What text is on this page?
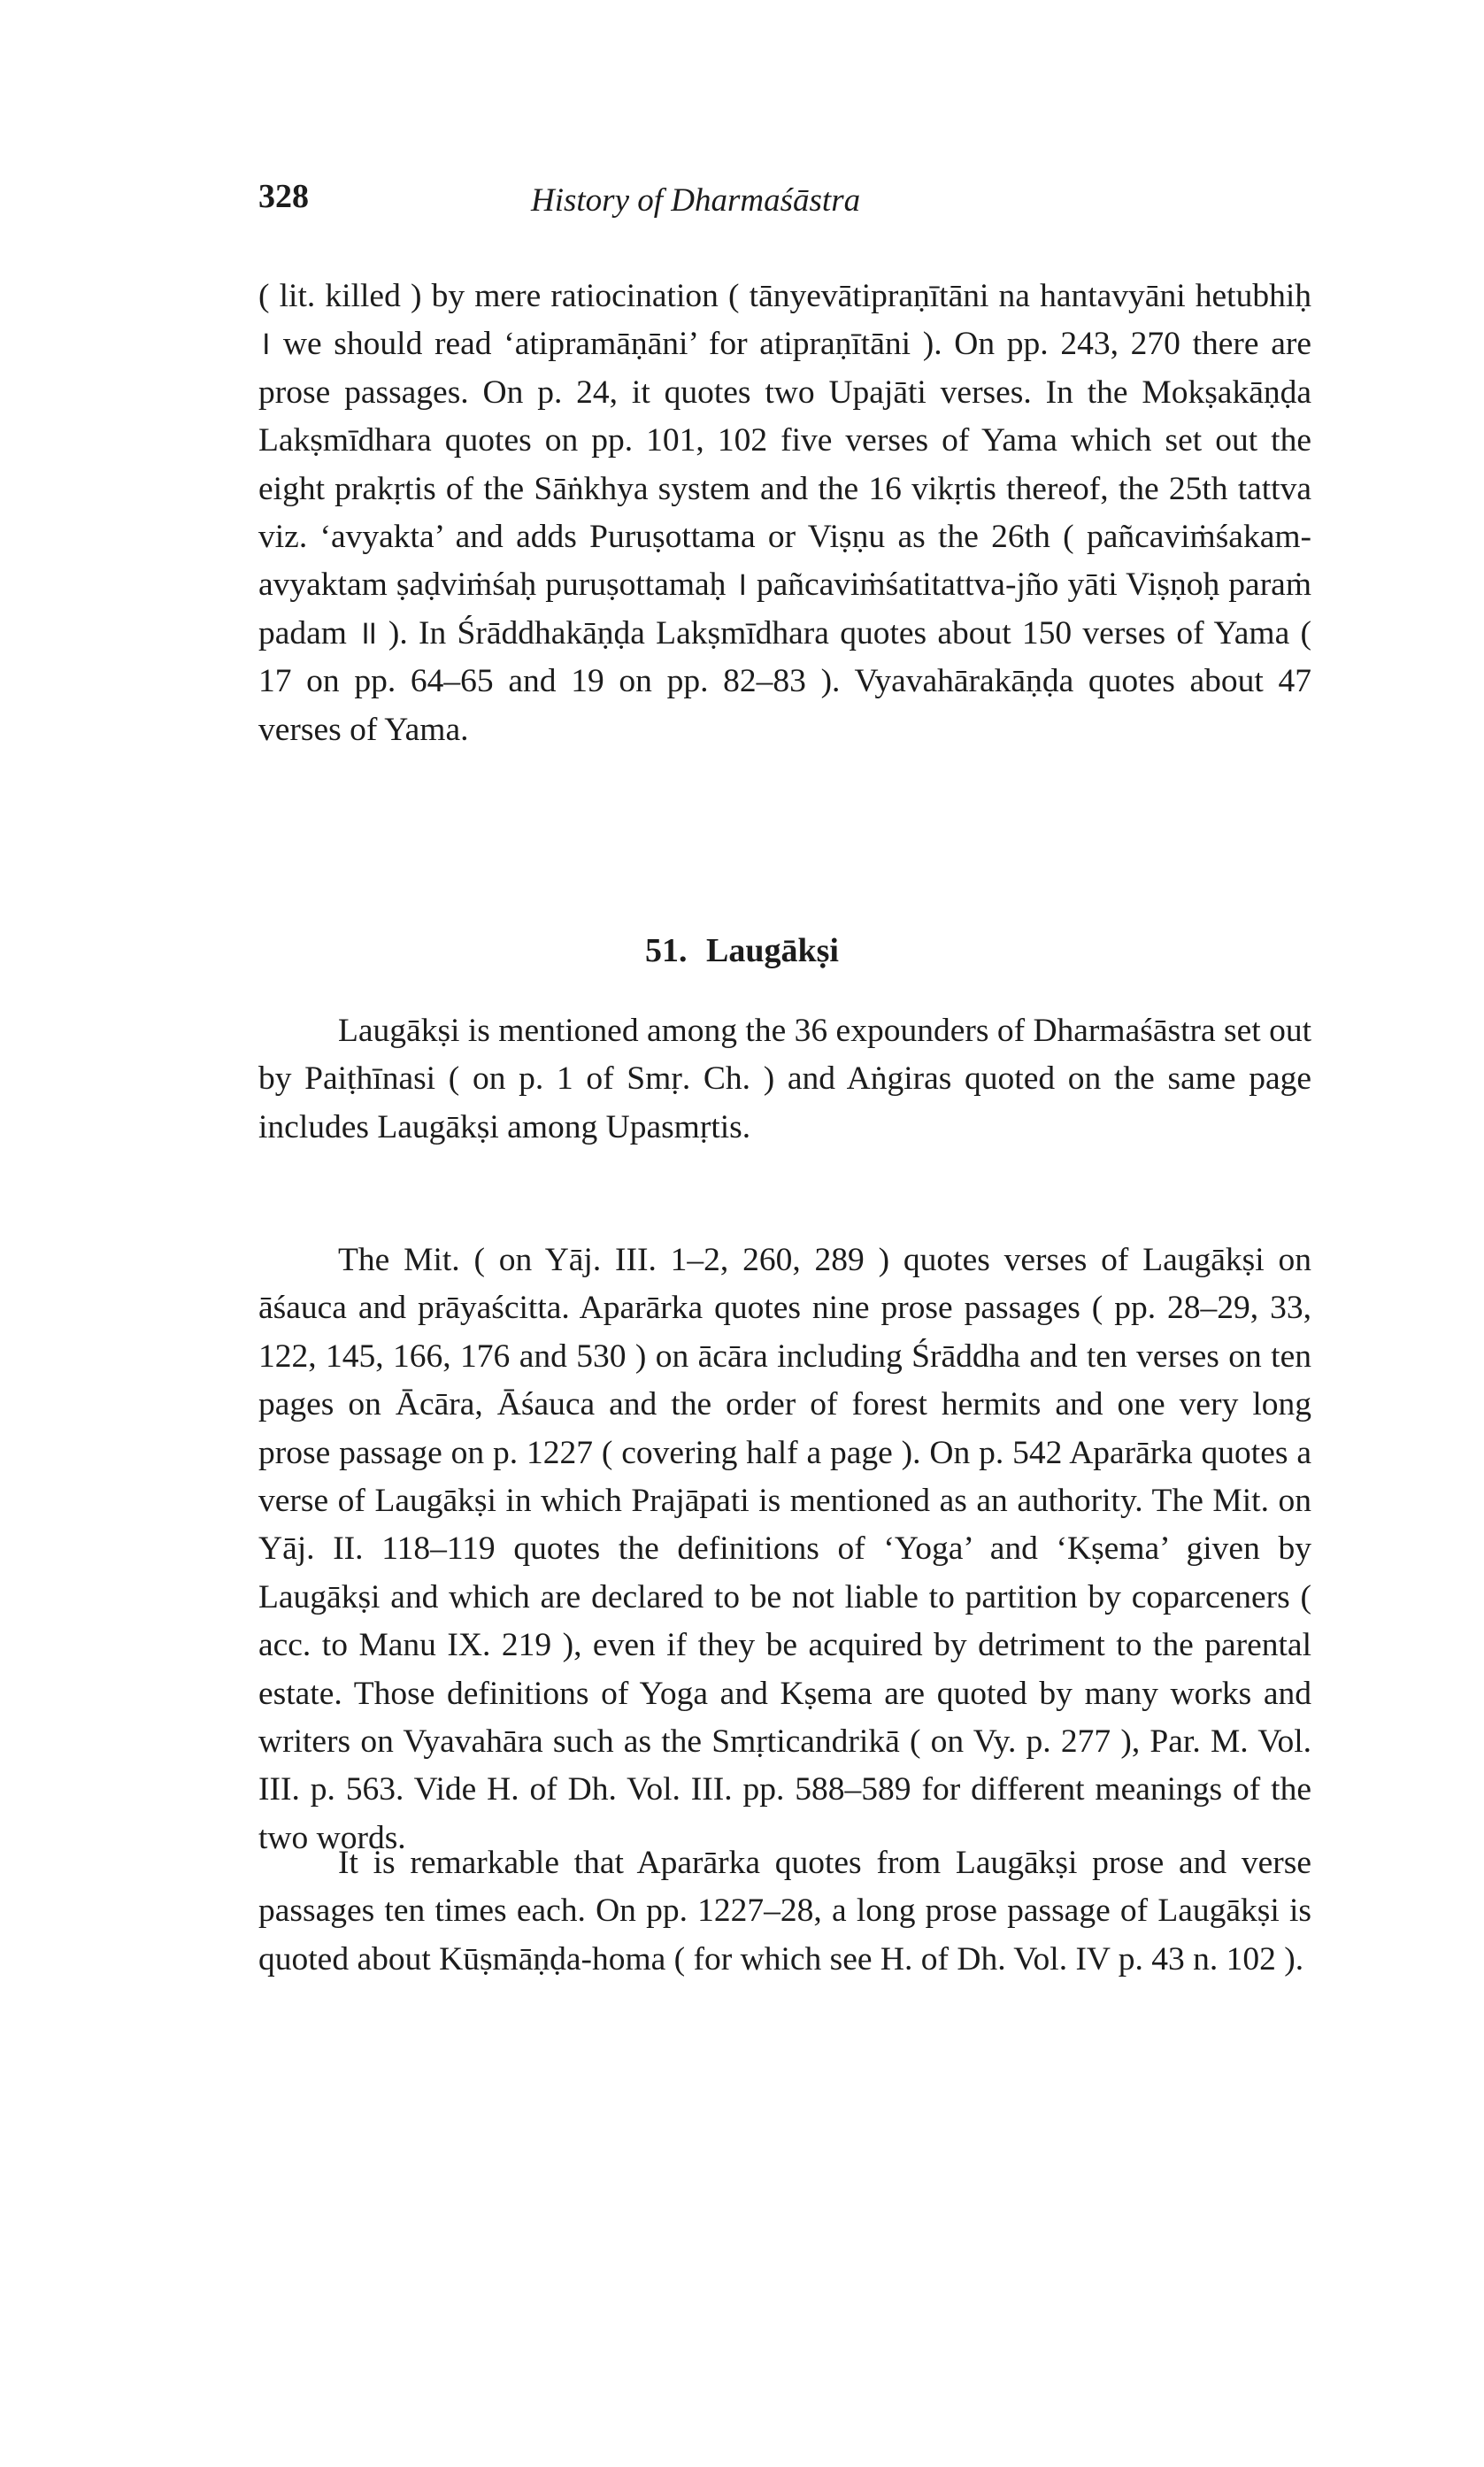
328	History of Dharmaśāstra

( lit. killed ) by mere ratiocination ( tānyevātipraṇītāni na hantavyāni hetubhiḥ । we should read ‘atipramāṇāni’ for atipraṇītāni ). On pp. 243, 270 there are prose passages. On p. 24, it quotes two Upajāti verses. In the Mokṣakāṇḍa Lakṣmīdhara quotes on pp. 101, 102 five verses of Yama which set out the eight prakṛtis of the Sāṅkhya system and the 16 vikṛtis thereof, the 25th tattva viz. ‘avyakta’ and adds Puruṣottama or Viṣṇu as the 26th ( pañcaviṁśakam-avyaktam ṣaḍviṁśaḥ puruṣottamaḥ । pañcaviṁśatitattva-jño yāti Viṣṇoḥ paraṁ padam ॥ ). In Śrāddhakāṇḍa Lakṣmīdhara quotes about 150 verses of Yama ( 17 on pp. 64–65 and 19 on pp. 82–83 ). Vyavahārakāṇḍa quotes about 47 verses of Yama.

51. Laugākṣi

Laugākṣi is mentioned among the 36 expounders of Dharmaśāstra set out by Paiṭhīnasi ( on p. 1 of Smṛ. Ch. ) and Aṅgiras quoted on the same page includes Laugākṣi among Upasmṛtis.

The Mit. ( on Yāj. III. 1–2, 260, 289 ) quotes verses of Laugākṣi on āśauca and prāyaścitta. Aparārka quotes nine prose passages ( pp. 28–29, 33, 122, 145, 166, 176 and 530 ) on ācāra including Śrāddha and ten verses on ten pages on Ācāra, Āśauca and the order of forest hermits and one very long prose passage on p. 1227 ( covering half a page ). On p. 542 Aparārka quotes a verse of Laugākṣi in which Prajāpati is mentioned as an authority. The Mit. on Yāj. II. 118–119 quotes the definitions of ‘Yoga’ and ‘Kṣema’ given by Laugākṣi and which are declared to be not liable to partition by coparceners ( acc. to Manu IX. 219 ), even if they be acquired by detriment to the parental estate. Those definitions of Yoga and Kṣema are quoted by many works and writers on Vyavahāra such as the Smṛticandrikā ( on Vy. p. 277 ), Par. M. Vol. III. p. 563. Vide H. of Dh. Vol. III. pp. 588–589 for different meanings of the two words.

It is remarkable that Aparārka quotes from Laugākṣi prose and verse passages ten times each. On pp. 1227–28, a long prose passage of Laugākṣi is quoted about Kūṣmāṇḍa-homa ( for which see H. of Dh. Vol. IV p. 43 n. 102 ).
